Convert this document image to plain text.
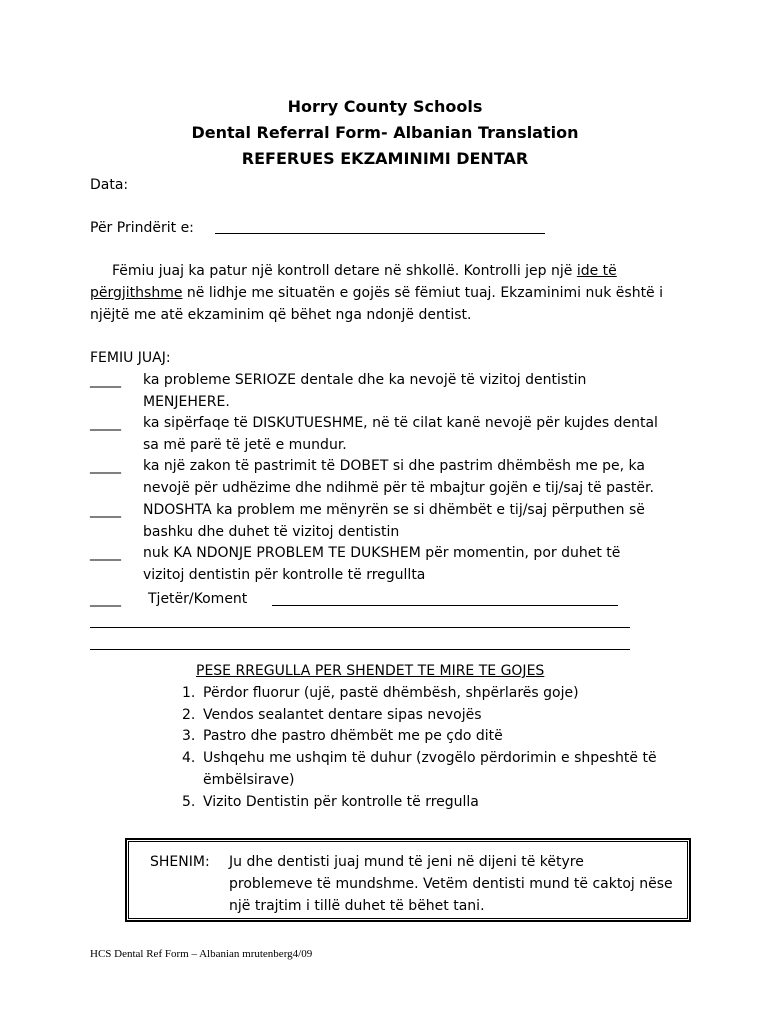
Horry County Schools
Dental Referral Form- Albanian Translation
REFERUES EKZAMINIMI DENTAR
Data:
Për Prindërit e:
Fëmiu juaj ka patur një kontroll detare në shkollë. Kontrolli jep një ide të
përgjithshme në lidhje me situatën e gojës së fëmiut tuaj. Ekzaminimi nuk është i
njëjtë me atë ekzaminim që bëhet nga ndonjë dentist.
FEMIU JUAJ:
_____ ka probleme SERIOZE dentale dhe ka nevojë të vizitoj dentistin
MENJEHERE.
_____ ka sipërfaqe të DISKUTUESHME, në të cilat kanë nevojë për kujdes dental
sa më parë të jetë e mundur.
_____ ka një zakon të pastrimit të DOBET si dhe pastrim dhëmbësh me pe, ka
nevojë për udhëzime dhe ndihmë për të mbajtur gojën e tij/saj të pastër.
_____ NDOSHTA ka problem me mënyrën se si dhëmbët e tij/saj përputhen së
bashku dhe duhet të vizitoj dentistin
_____ nuk KA NDONJE PROBLEM TE DUKSHEM për momentin, por duhet të
vizitoj dentistin për kontrolle të rregullta
_____ Tjetër/Koment
PESE RREGULLA PER SHENDET TE MIRE TE GOJES
1. Përdor fluorur (ujë, pastë dhëmbësh, shpërlarës goje)
2. Vendos sealantet dentare sipas nevojës
3. Pastro dhe pastro dhëmbët me pe çdo ditë
4. Ushqehu me ushqim të duhur (zvogëlo përdorimin e shpeshtë të
ëmbëlsirave)
5. Vizito Dentistin për kontrolle të rregulla
SHENIM: Ju dhe dentisti juaj mund të jeni në dijeni të këtyre
problemeve të mundshme. Vetëm dentisti mund të caktoj nëse
një trajtim i tillë duhet të bëhet tani.
HCS Dental Ref Form – Albanian mrutenberg4/09
